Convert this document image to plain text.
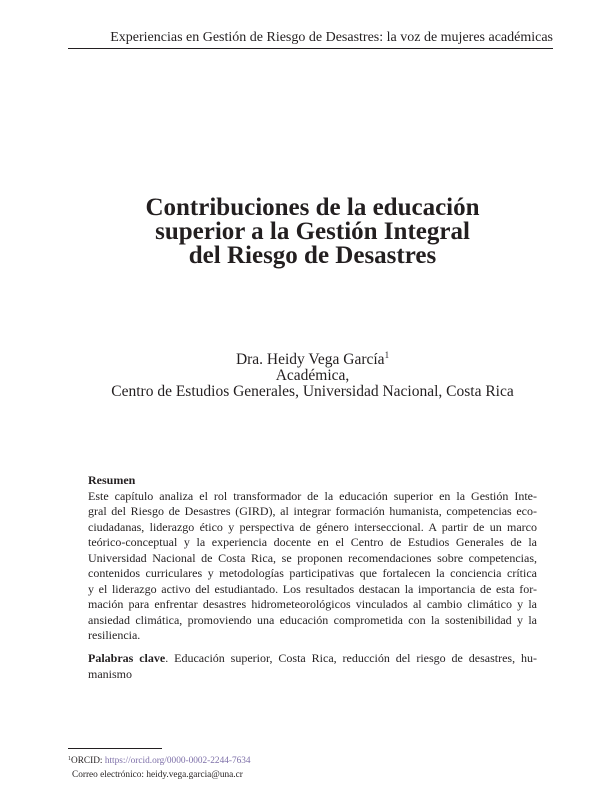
Experiencias en Gestión de Riesgo de Desastres: la voz de mujeres académicas
Contribuciones de la educación
superior a la Gestión Integral
del Riesgo de Desastres
Dra. Heidy Vega García$^1$
Académica,
Centro de Estudios Generales, Universidad Nacional, Costa Rica
Resumen
Este capítulo analiza el rol transformador de la educación superior en la Gestión Inte-
gral del Riesgo de Desastres (GIRD), al integrar formación humanista, competencias eco-
ciudadanas, liderazgo ético y perspectiva de género interseccional. A partir de un marco
teórico-conceptual y la experiencia docente en el Centro de Estudios Generales de la
Universidad Nacional de Costa Rica, se proponen recomendaciones sobre competencias,
contenidos curriculares y metodologías participativas que fortalecen la conciencia crítica
y el liderazgo activo del estudiantado. Los resultados destacan la importancia de esta for-
mación para enfrentar desastres hidrometeorológicos vinculados al cambio climático y la
ansiedad climática, promoviendo una educación comprometida con la sostenibilidad y la
resiliencia.
Palabras clave. Educación superior, Costa Rica, reducción del riesgo de desastres, hu-
manismo
$^1$ORCID: https://orcid.org/0000-0002-2244-7634
Correo electrónico: heidy.vega.garcia@una.cr
